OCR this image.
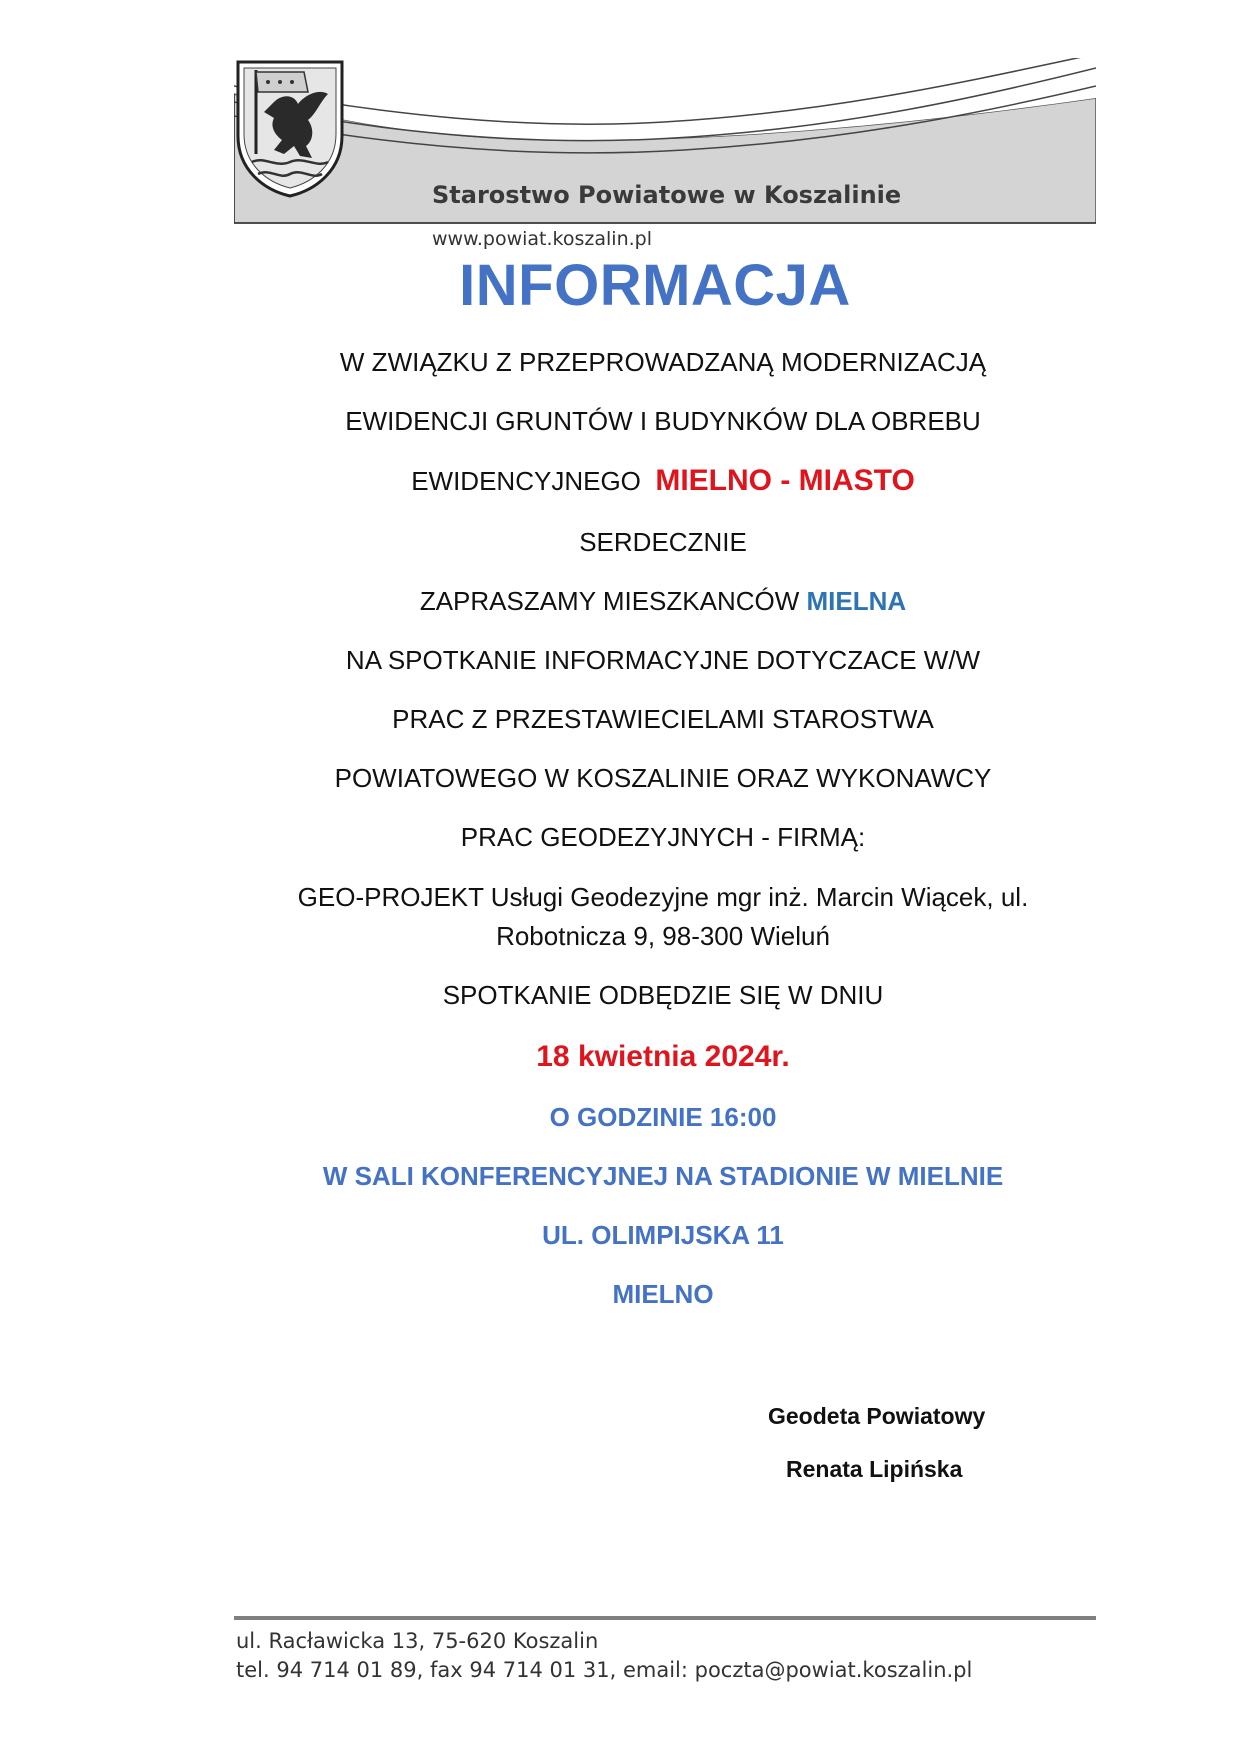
Starostwo Powiatowe w Koszalinie
www.powiat.koszalin.pl
INFORMACJA
W ZWIĄZKU Z PRZEPROWADZANĄ MODERNIZACJĄ
EWIDENCJI GRUNTÓW I BUDYNKÓW DLA OBREBU
EWIDENCYJNEGO MIELNO - MIASTO
SERDECZNIE
ZAPRASZAMY MIESZKANCÓW MIELNA
NA SPOTKANIE INFORMACYJNE DOTYCZACE W/W
PRAC Z PRZESTAWIECIELAMI STAROSTWA
POWIATOWEGO W KOSZALINIE ORAZ WYKONAWCY
PRAC GEODEZYJNYCH - FIRMĄ:
GEO-PROJEKT Usługi Geodezyjne mgr inż. Marcin Wiącek, ul.
Robotnicza 9, 98-300 Wieluń
SPOTKANIE ODBĘDZIE SIĘ W DNIU
18 kwietnia 2024r.
O GODZINIE 16:00
W SALI KONFERENCYJNEJ NA STADIONIE W MIELNIE
UL. OLIMPIJSKA 11
MIELNO
Geodeta Powiatowy
Renata Lipińska
ul. Racławicka 13, 75-620 Koszalin
tel. 94 714 01 89, fax 94 714 01 31, email: poczta@powiat.koszalin.pl
